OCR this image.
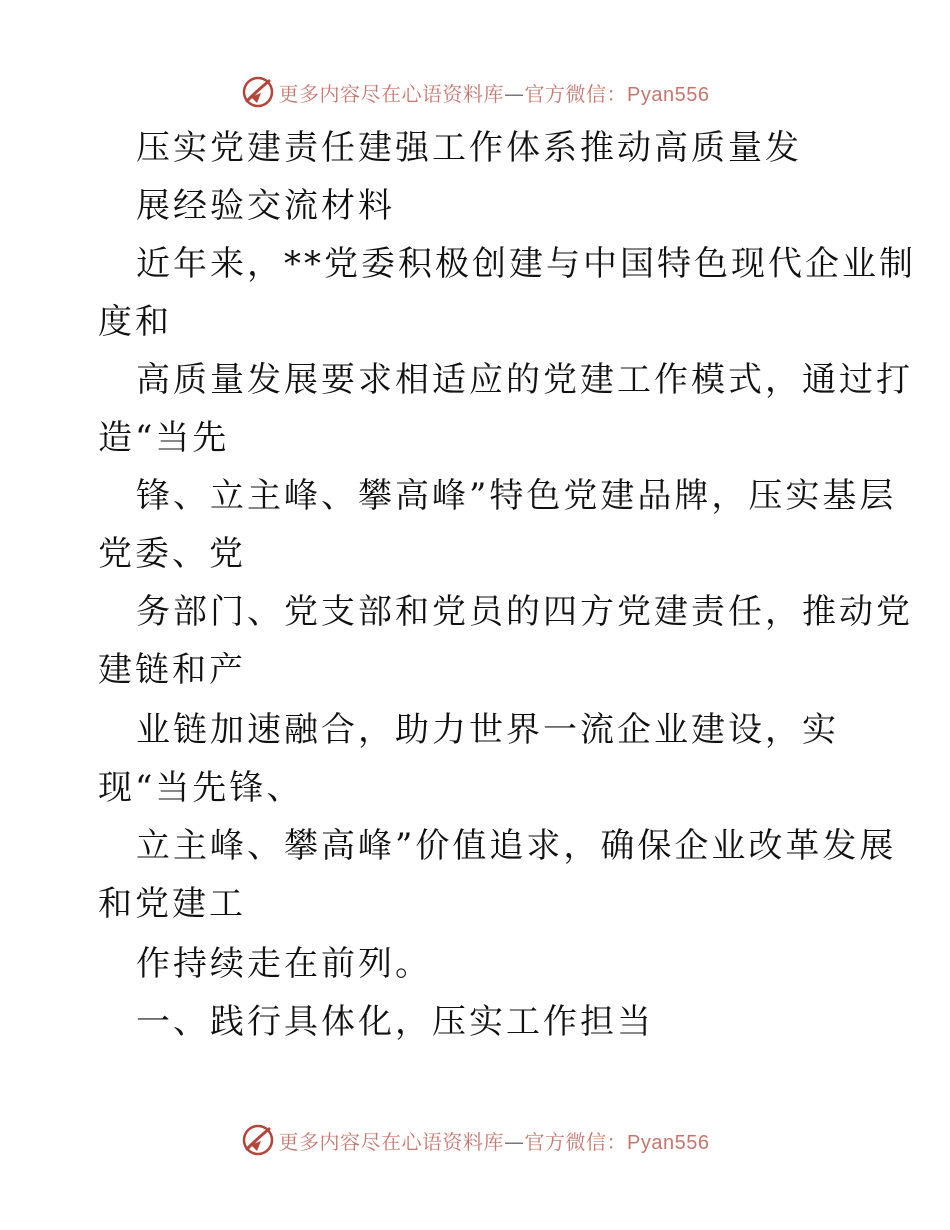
更多内容尽在心语资料库—官方微信：Pyan556
压实党建责任建强工作体系推动高质量发
展经验交流材料
近年来，**党委积极创建与中国特色现代企业制
度和
高质量发展要求相适应的党建工作模式，通过打
造“当先
锋、立主峰、攀高峰”特色党建品牌，压实基层
党委、党
务部门、党支部和党员的四方党建责任，推动党
建链和产
业链加速融合，助力世界一流企业建设，实
现“当先锋、
立主峰、攀高峰”价值追求，确保企业改革发展
和党建工
作持续走在前列。
一、践行具体化，压实工作担当
更多内容尽在心语资料库—官方微信：Pyan556
